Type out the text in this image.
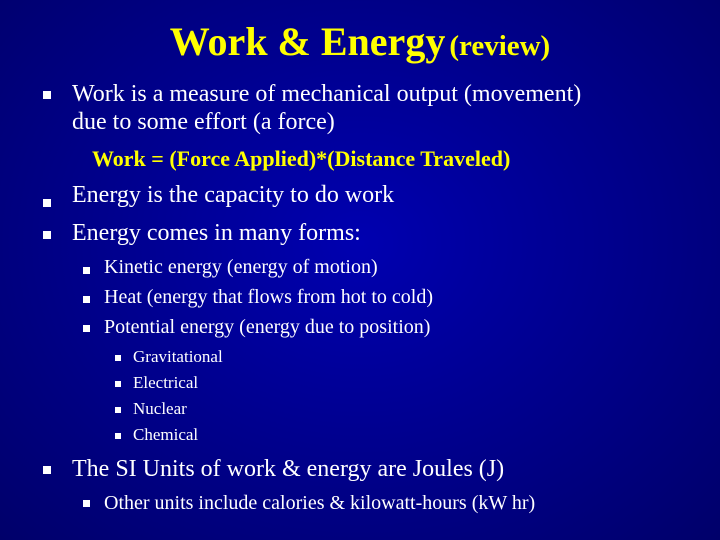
Work & Energy (review)
Work is a measure of mechanical output (movement)
due to some effort (a force)
Work = (Force Applied)*(Distance Traveled)
Energy is the capacity to do work
Energy comes in many forms:
Kinetic energy (energy of motion)
Heat (energy that flows from hot to cold)
Potential energy (energy due to position)
Gravitational
Electrical
Nuclear
Chemical
The SI Units of work & energy are Joules (J)
Other units include calories & kilowatt-hours (kW hr)
